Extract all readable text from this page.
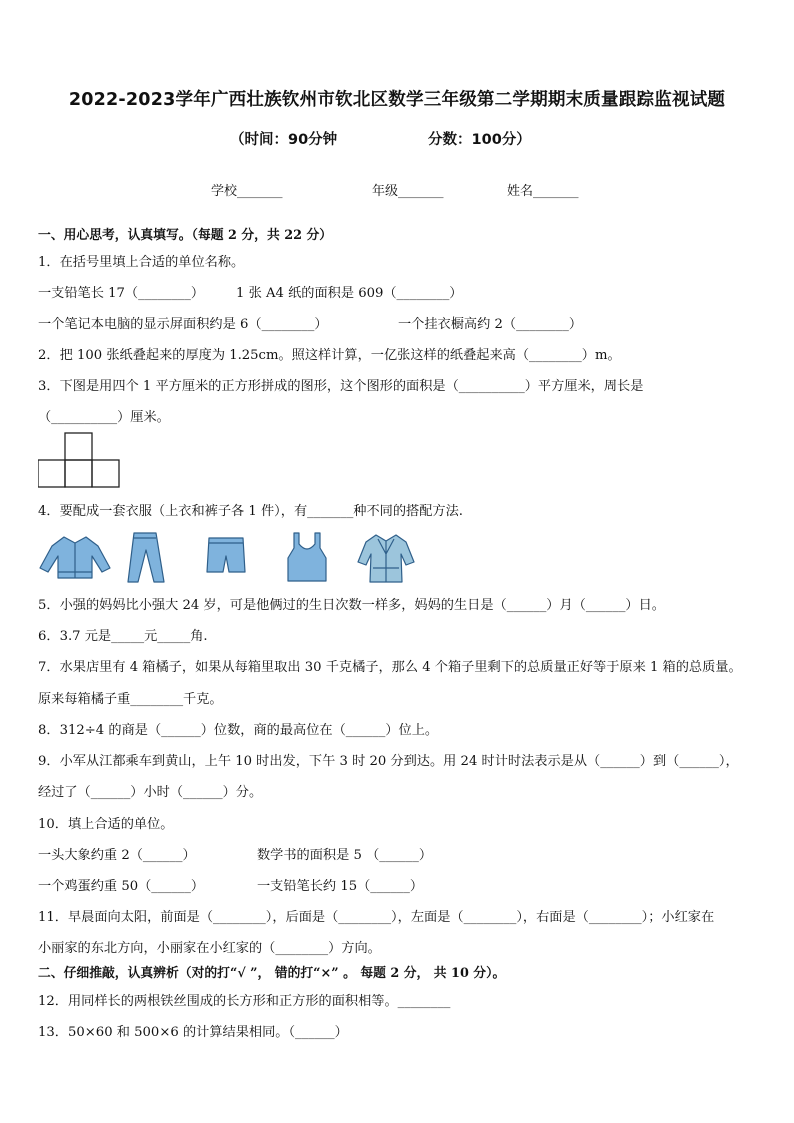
2022-2023学年广西壮族钦州市钦北区数学三年级第二学期期末质量跟踪监视试题
（时间：90分钟                  分数：100分）
学校_______	年级_______	姓名_______
一、用心思考，认真填写。（每题 2 分，共 22 分）
1．在括号里填上合适的单位名称。
一支铅笔长 17（________） 1 张 A4 纸的面积是 609（________）
一个笔记本电脑的显示屏面积约是 6（________）	一个挂衣橱高约 2（________）
2．把 100 张纸叠起来的厚度为 1.25cm。照这样计算，一亿张这样的纸叠起来高（________）m。
3．下图是用四个 1 平方厘米的正方形拼成的图形，这个图形的面积是（__________）平方厘米，周长是
（__________）厘米。
4．要配成一套衣服（上衣和裤子各 1 件），有_______种不同的搭配方法.
5．小强的妈妈比小强大 24 岁，可是他俩过的生日次数一样多，妈妈的生日是（______）月（______）日。
6．3.7 元是_____元_____角.
7．水果店里有 4 箱橘子，如果从每箱里取出 30 千克橘子，那么 4 个箱子里剩下的总质量正好等于原来 1 箱的总质量。
原来每箱橘子重________千克。
8．312÷4 的商是（______）位数，商的最高位在（______）位上。
9．小军从江都乘车到黄山，上午 10 时出发，下午 3 时 20 分到达。用 24 时计时法表示是从（______）到（______），
经过了（______）小时（______）分。
10．填上合适的单位。
一头大象约重 2（______）	数学书的面积是 5 （______）
一个鸡蛋约重 50（______）	一支铅笔长约 15（______）
11．早晨面向太阳，前面是（________），后面是（________），左面是（________），右面是（________）；小红家在
小丽家的东北方向，小丽家在小红家的（________）方向。
二、仔细推敲，认真辨析（对的打“√ ”， 错的打“×” 。 每题 2 分， 共 10 分）。
12．用同样长的两根铁丝围成的长方形和正方形的面积相等。________
13．50×60 和 500×6 的计算结果相同。（______）
